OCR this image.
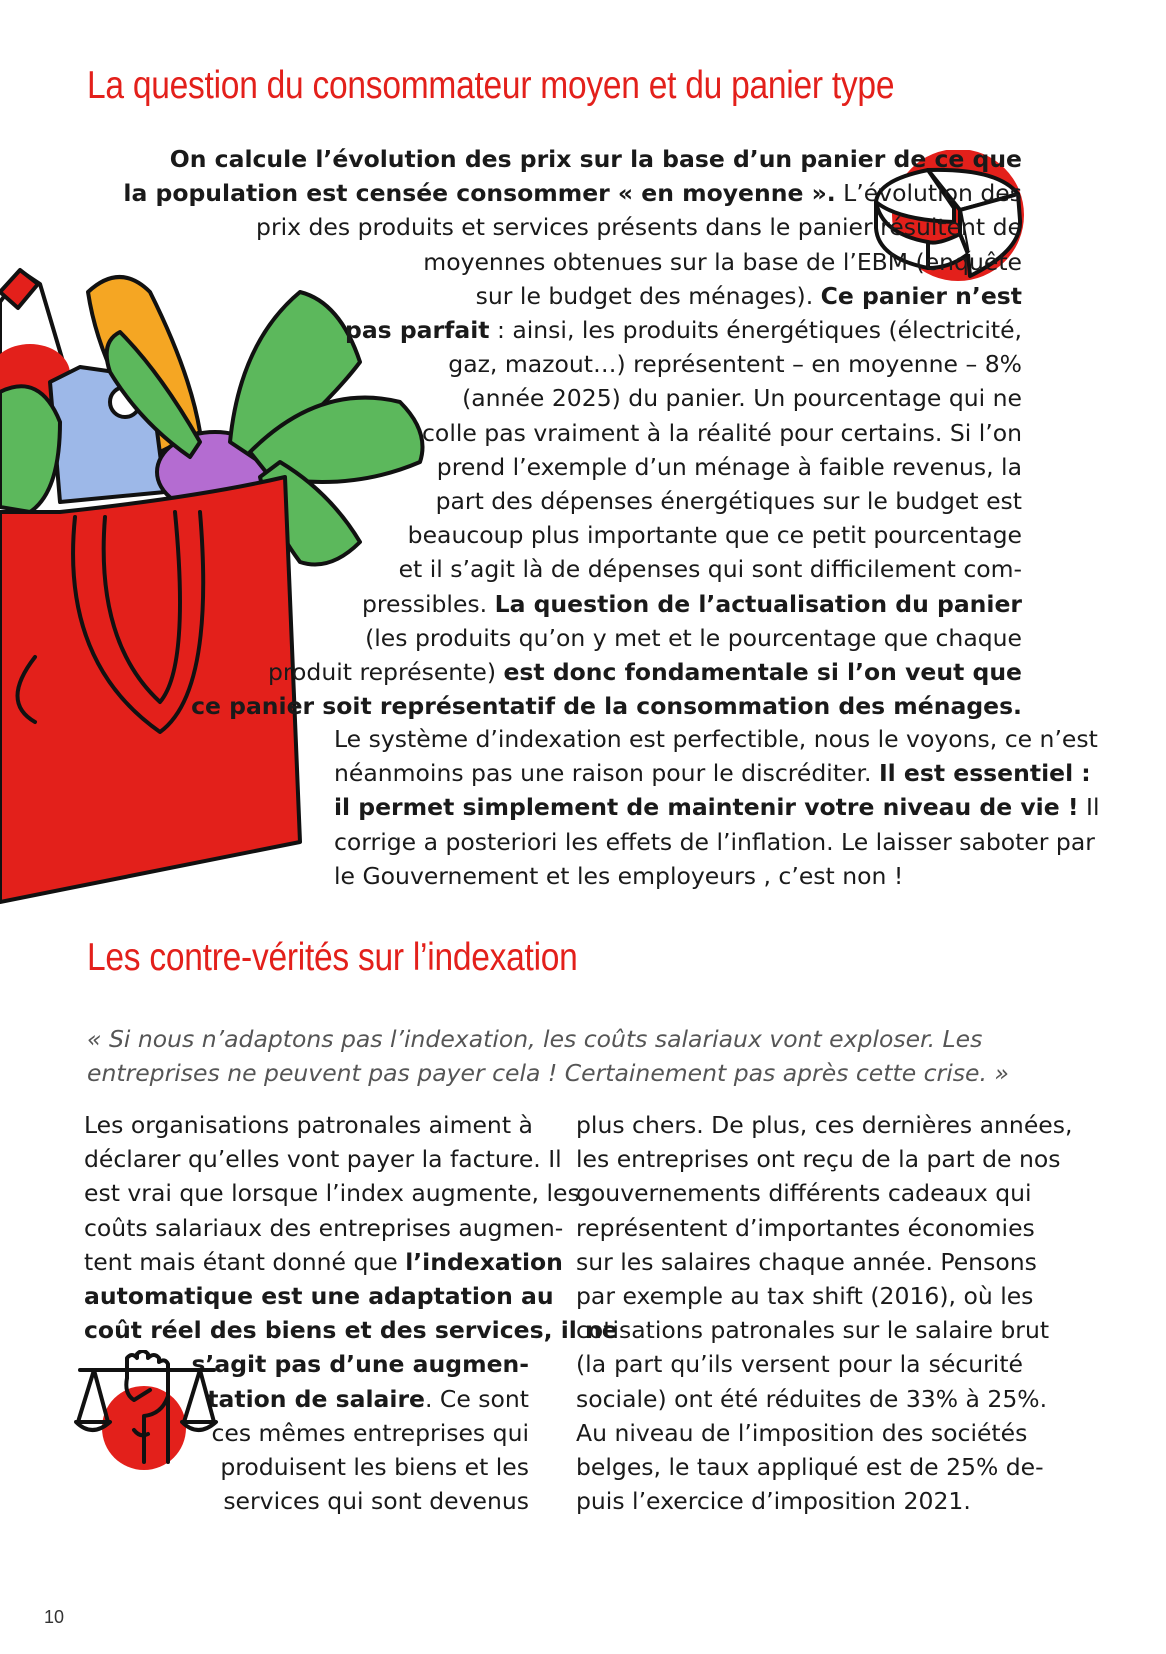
La question du consommateur moyen et du panier type

On calcule l’évolution des prix sur la base d’un panier de ce que
la population est censée consommer « en moyenne ». L’évolution des
prix des produits et services présents dans le panier résultent de
moyennes obtenues sur la base de l’EBM (enquête
sur le budget des ménages). Ce panier n’est
pas parfait : ainsi, les produits énergétiques (électricité,
gaz, mazout…) représentent – en moyenne – 8%
(année 2025) du panier. Un pourcentage qui ne
colle pas vraiment à la réalité pour certains. Si l’on
prend l’exemple d’un ménage à faible revenus, la
part des dépenses énergétiques sur le budget est
beaucoup plus importante que ce petit pourcentage
et il s’agit là de dépenses qui sont difficilement com-
pressibles. La question de l’actualisation du panier
(les produits qu’on y met et le pourcentage que chaque
produit représente) est donc fondamentale si l’on veut que
ce panier soit représentatif de la consommation des ménages.

Le système d’indexation est perfectible, nous le voyons, ce n’est
néanmoins pas une raison pour le discréditer. Il est essentiel :
il permet simplement de maintenir votre niveau de vie ! Il
corrige a posteriori les effets de l’inflation. Le laisser saboter par
le Gouvernement et les employeurs , c’est non !

Les contre-vérités sur l’indexation

« Si nous n’adaptons pas l’indexation, les coûts salariaux vont exploser. Les entreprises ne peuvent pas payer cela ! Certainement pas après cette crise. »

Les organisations patronales aiment à
déclarer qu’elles vont payer la facture. Il
est vrai que lorsque l’index augmente, les
coûts salariaux des entreprises augmen-
tent mais étant donné que l’indexation
automatique est une adaptation au
coût réel des biens et des services, il ne
s’agit pas d’une augmen-
tation de salaire. Ce sont
ces mêmes entreprises qui
produisent les biens et les
services qui sont devenus

plus chers. De plus, ces dernières années,
les entreprises ont reçu de la part de nos
gouvernements différents cadeaux qui
représentent d’importantes économies
sur les salaires chaque année. Pensons
par exemple au tax shift (2016), où les
cotisations patronales sur le salaire brut
(la part qu’ils versent pour la sécurité
sociale) ont été réduites de 33% à 25%.
Au niveau de l’imposition des sociétés
belges, le taux appliqué est de 25% de-
puis l’exercice d’imposition 2021.

10
